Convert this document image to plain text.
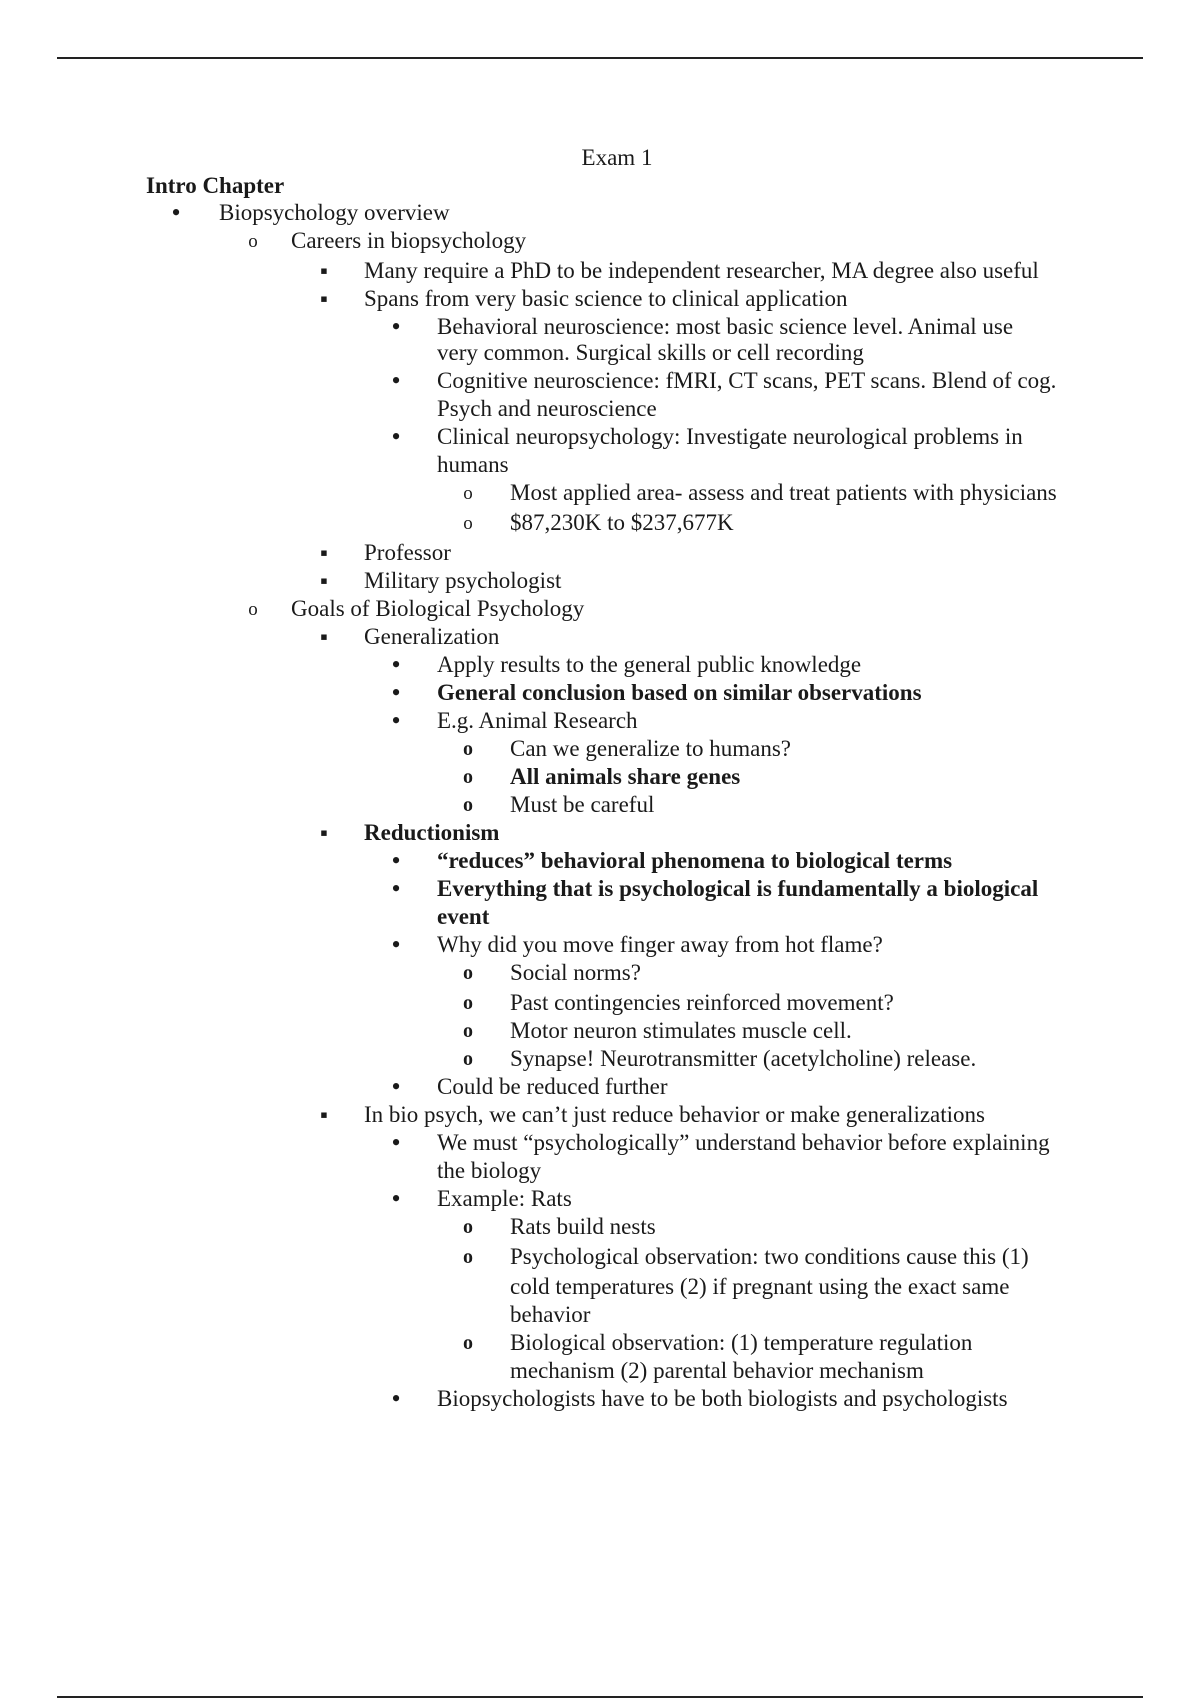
Exam 1
Intro Chapter
•
Biopsychology overview
o
Careers in biopsychology
▪
Many require a PhD to be independent researcher, MA degree also useful
▪
Spans from very basic science to clinical application
•
Behavioral neuroscience: most basic science level. Animal use
very common. Surgical skills or cell recording
•
Cognitive neuroscience: fMRI, CT scans, PET scans. Blend of cog.
Psych and neuroscience
•
Clinical neuropsychology: Investigate neurological problems in
humans
o
Most applied area- assess and treat patients with physicians
o
$87,230K to $237,677K
▪
Professor
▪
Military psychologist
o
Goals of Biological Psychology
▪
Generalization
•
Apply results to the general public knowledge
•
General conclusion based on similar observations
•
E.g. Animal Research
o
Can we generalize to humans?
o
All animals share genes
o
Must be careful
▪
Reductionism
•
“reduces” behavioral phenomena to biological terms
•
Everything that is psychological is fundamentally a biological
event
•
Why did you move finger away from hot flame?
o
Social norms?
o
Past contingencies reinforced movement?
o
Motor neuron stimulates muscle cell.
o
Synapse! Neurotransmitter (acetylcholine) release.
•
Could be reduced further
▪
In bio psych, we can’t just reduce behavior or make generalizations
•
We must “psychologically” understand behavior before explaining
the biology
•
Example: Rats
o
Rats build nests
o
Psychological observation: two conditions cause this (1)
cold temperatures (2) if pregnant using the exact same
behavior
o
Biological observation: (1) temperature regulation
mechanism (2) parental behavior mechanism
•
Biopsychologists have to be both biologists and psychologists
